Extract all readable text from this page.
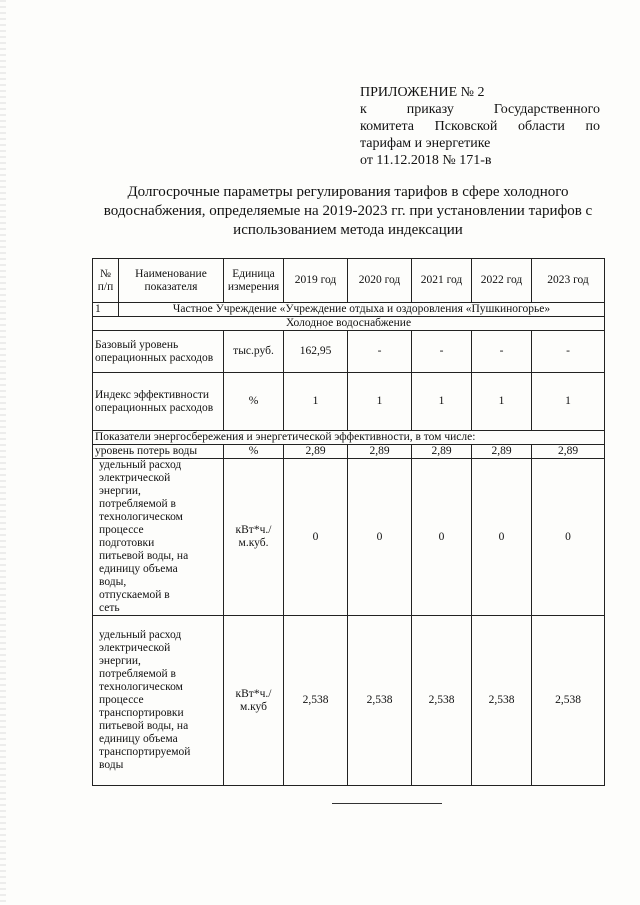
ПРИЛОЖЕНИЕ № 2
к приказу Государственного
комитета Псковской области по
тарифам и энергетике
от 11.12.2018 № 171-в
Долгосрочные параметры регулирования тарифов в сфере холодного водоснабжения, определяемые на 2019-2023 гг. при установлении тарифов с использованием метода индексации
№ п/п	Наименование показателя	Единица измерения	2019 год	2020 год	2021 год	2022 год	2023 год
1	Частное Учреждение «Учреждение отдыха и оздоровления «Пушкиногорье»						
Холодное водоснабжение							
Базовый уровень операционных расходов		тыс.руб.	162,95	-	-	-	-
Индекс эффективности операционных расходов		%	1	1	1	1	1
Показатели энергосбережения и энергетической эффективности, в том числе:							
уровень потерь воды		%	2,89	2,89	2,89	2,89	2,89
удельный расход электрической энергии, потребляемой в технологическом процессе подготовки питьевой воды, на единицу объема воды, отпускаемой в сеть		кВт*ч./м.куб.	0	0	0	0	0
удельный расход электрической энергии, потребляемой в технологическом процессе транспортировки питьевой воды, на единицу объема транспортируемой воды		кВт*ч./м.куб	2,538	2,538	2,538	2,538	2,538
